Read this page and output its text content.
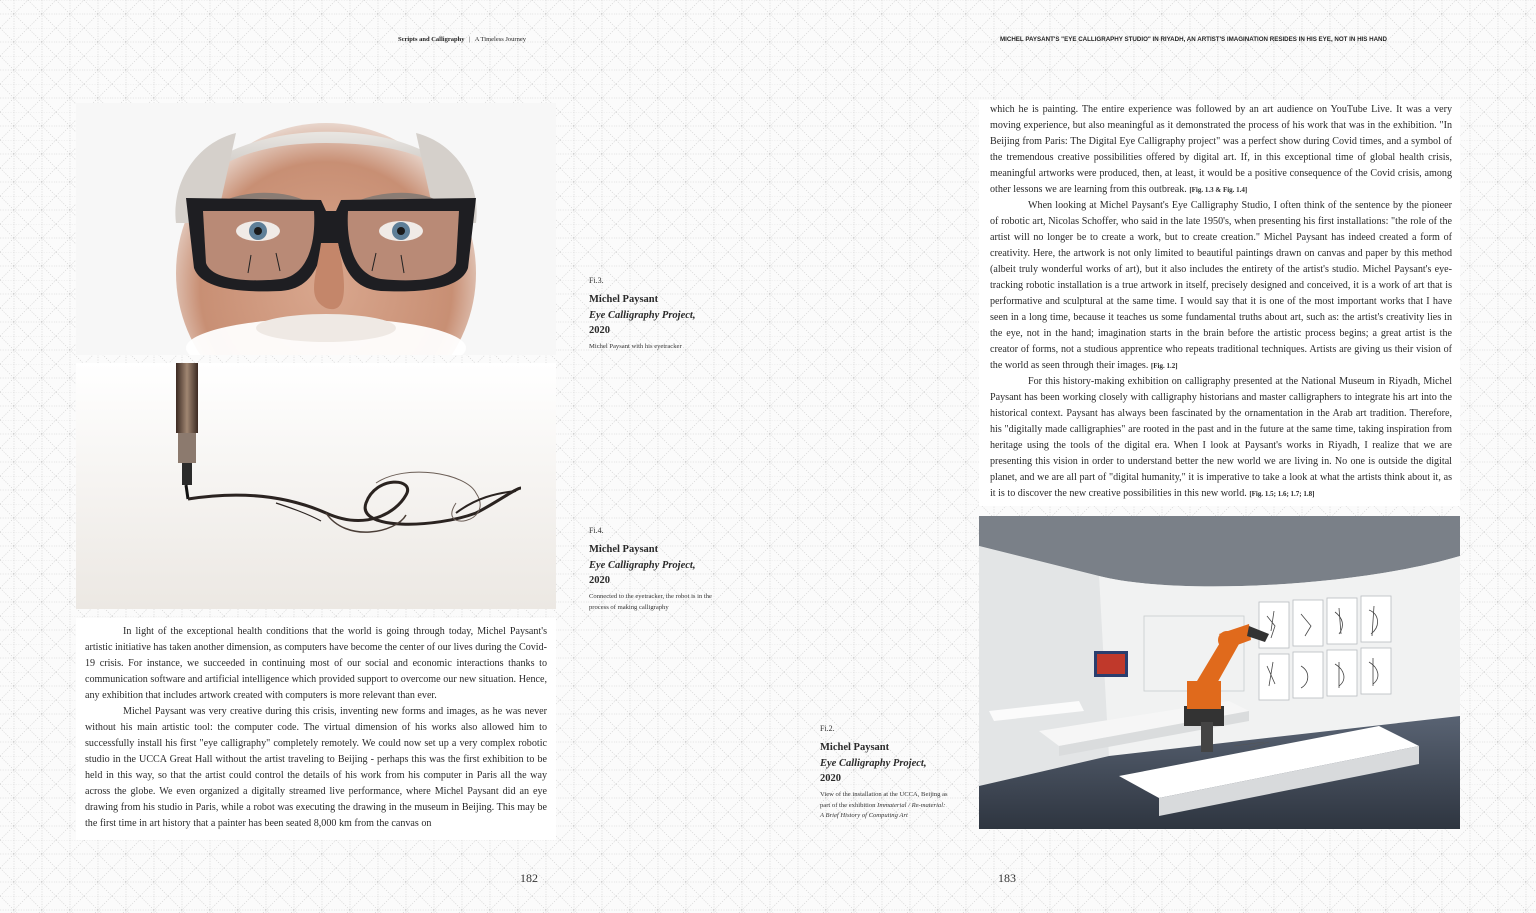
Scripts and Calligraphy | A Timeless Journey

In light of the exceptional health conditions that the world is going through today, Michel Paysant's artistic initiative has taken another dimension, as computers have become the center of our lives during the Covid-19 crisis. For instance, we succeeded in continuing most of our social and economic interactions thanks to communication software and artificial intelligence which provided support to overcome our new situation. Hence, any exhibition that includes artwork created with computers is more relevant than ever.

Michel Paysant was very creative during this crisis, inventing new forms and images, as he was never without his main artistic tool: the computer code. The virtual dimension of his works also allowed him to successfully install his first "eye calligraphy" completely remotely. We could now set up a very complex robotic studio in the UCCA Great Hall without the artist traveling to Beijing - perhaps this was the first exhibition to be held in this way, so that the artist could control the details of his work from his computer in Paris all the way across the globe. We even organized a digitally streamed live performance, where Michel Paysant did an eye drawing from his studio in Paris, while a robot was executing the drawing in the museum in Beijing. This may be the first time in art history that a painter has been seated 8,000 km from the canvas on

182

Fi.3.

Michel Paysant

Eye Calligraphy Project,

2020

Michel Paysant with his eyetracker

Fi.4.

Michel Paysant

Eye Calligraphy Project,

2020

Connected to the eyetracker, the robot is in the process of making calligraphy

Fi.2.

Michel Paysant

Eye Calligraphy Project,

2020

View of the installation at the UCCA, Beijing as part of the exhibition Immaterial / Re-material: A Brief History of Computing Art

MICHEL PAYSANT'S "EYE CALLIGRAPHY STUDIO" IN RIYADH, AN ARTIST'S IMAGINATION RESIDES IN HIS EYE, NOT IN HIS HAND

which he is painting. The entire experience was followed by an art audience on YouTube Live. It was a very moving experience, but also meaningful as it demonstrated the process of his work that was in the exhibition. "In Beijing from Paris: The Digital Eye Calligraphy project" was a perfect show during Covid times, and a symbol of the tremendous creative possibilities offered by digital art. If, in this exceptional time of global health crisis, meaningful artworks were produced, then, at least, it would be a positive consequence of the Covid crisis, among other lessons we are learning from this outbreak. [Fig. 1.3 & Fig. 1.4]

When looking at Michel Paysant's Eye Calligraphy Studio, I often think of the sentence by the pioneer of robotic art, Nicolas Schoffer, who said in the late 1950's, when presenting his first installations: "the role of the artist will no longer be to create a work, but to create creation." Michel Paysant has indeed created a form of creativity. Here, the artwork is not only limited to beautiful paintings drawn on canvas and paper by this method (albeit truly wonderful works of art), but it also includes the entirety of the artist's studio. Michel Paysant's eye-tracking robotic installation is a true artwork in itself, precisely designed and conceived, it is a work of art that is performative and sculptural at the same time. I would say that it is one of the most important works that I have seen in a long time, because it teaches us some fundamental truths about art, such as: the artist's creativity lies in the eye, not in the hand; imagination starts in the brain before the artistic process begins; a great artist is the creator of forms, not a studious apprentice who repeats traditional techniques. Artists are giving us their vision of the world as seen through their images. [Fig. 1.2]

For this history-making exhibition on calligraphy presented at the National Museum in Riyadh, Michel Paysant has been working closely with calligraphy historians and master calligraphers to integrate his art into the historical context. Paysant has always been fascinated by the ornamentation in the Arab art tradition. Therefore, his "digitally made calligraphies" are rooted in the past and in the future at the same time, taking inspiration from heritage using the tools of the digital era. When I look at Paysant's works in Riyadh, I realize that we are presenting this vision in order to understand better the new world we are living in. No one is outside the digital planet, and we are all part of "digital humanity," it is imperative to take a look at what the artists think about it, as it is to discover the new creative possibilities in this new world. [Fig. 1.5; 1.6; 1.7; 1.8]

183
